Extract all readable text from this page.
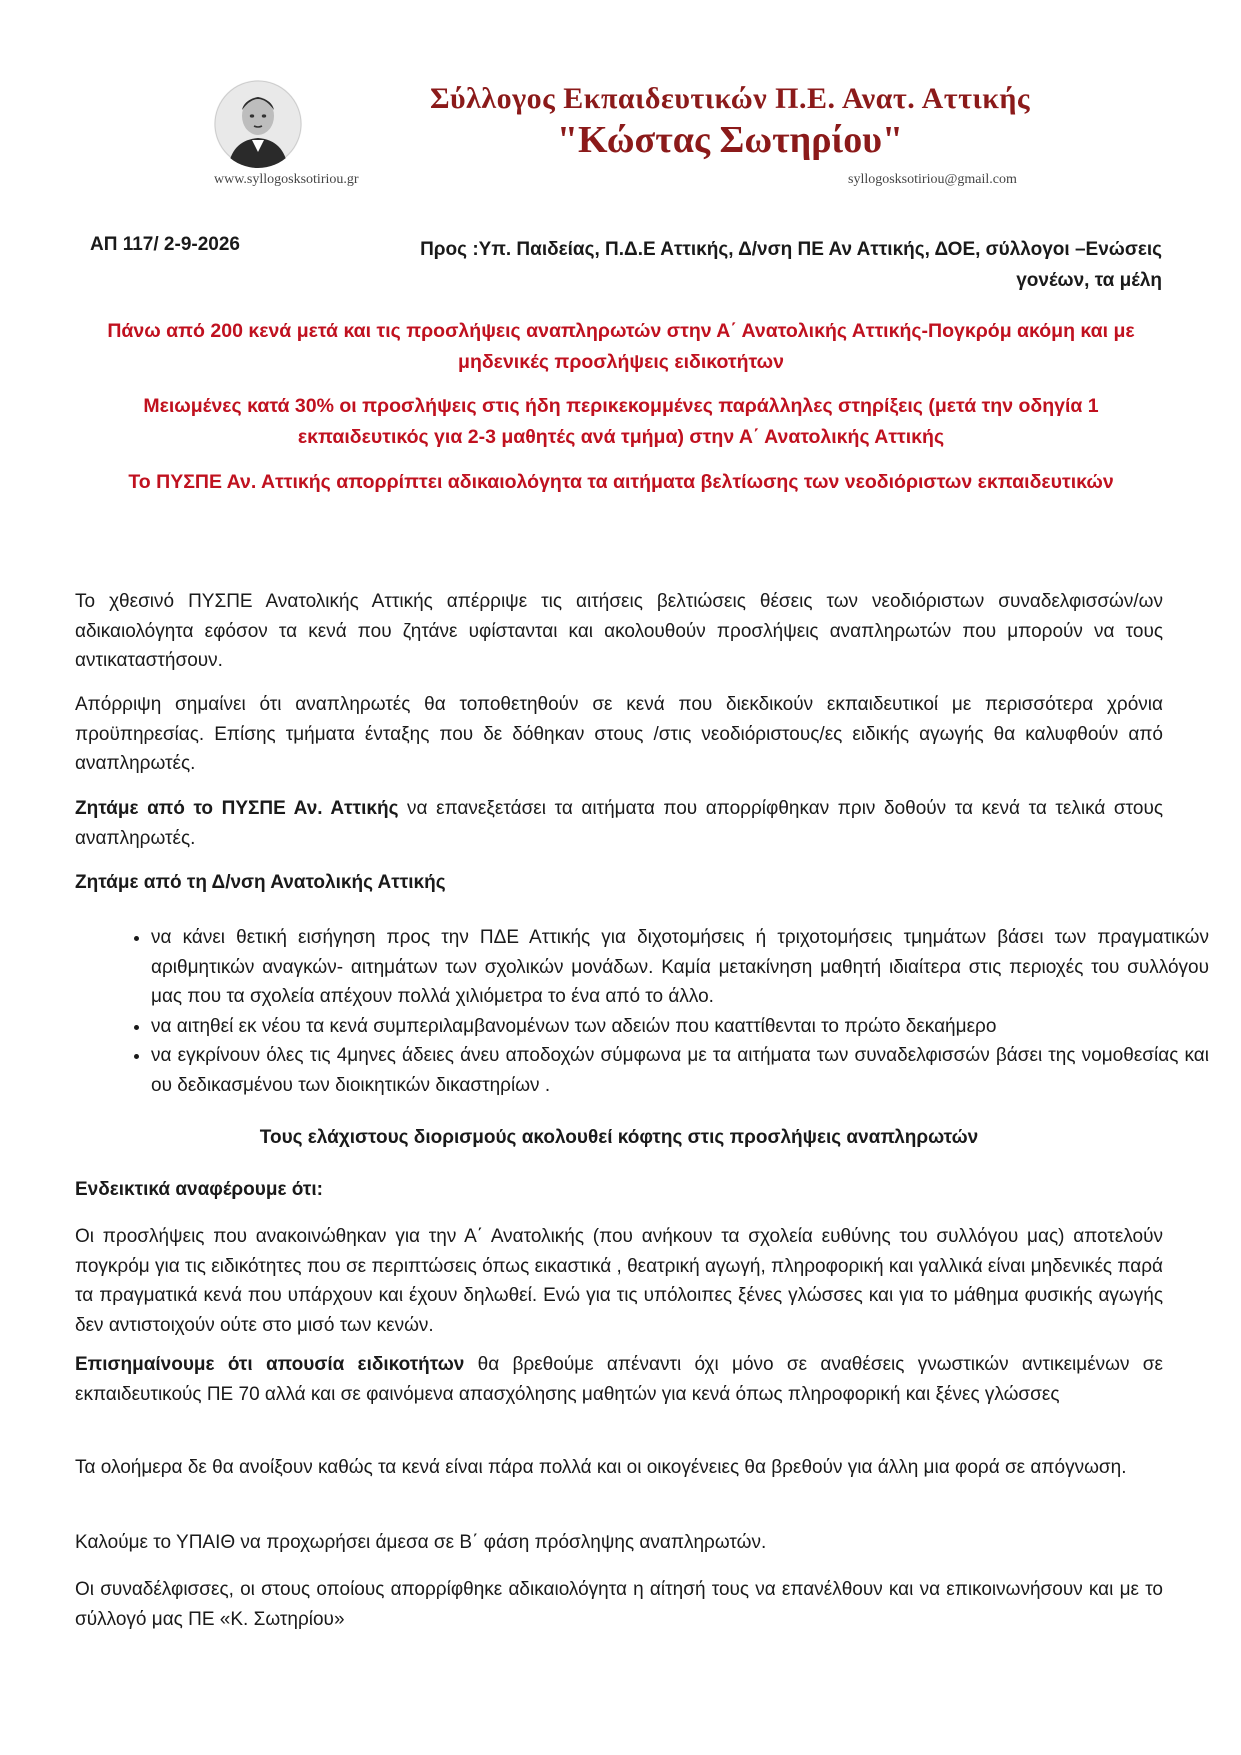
Σύλλογος Εκπαιδευτικών Π.Ε. Ανατ. Αττικής
"Κώστας Σωτηρίου"
www.syllogosksotiriou.gr	syllogosksotiriou@gmail.com
ΑΠ 117/ 2-9-2026	Προς :Υπ. Παιδείας, Π.Δ.Ε Αττικής, Δ/νση ΠΕ Αν Αττικής, ΔΟΕ, σύλλογοι –Ενώσεις
γονέων, τα μέλη
Πάνω από 200 κενά μετά και τις προσλήψεις αναπληρωτών στην Α΄ Ανατολικής Αττικής-Πογκρόμ ακόμη και με μηδενικές προσλήψεις ειδικοτήτων
Μειωμένες κατά 30% οι προσλήψεις στις ήδη περικεκομμένες παράλληλες στηρίξεις (μετά την οδηγία 1 εκπαιδευτικός για 2-3 μαθητές ανά τμήμα) στην Α΄ Ανατολικής Αττικής
Το ΠΥΣΠΕ Αν. Αττικής απορρίπτει αδικαιολόγητα τα αιτήματα βελτίωσης των νεοδιόριστων εκπαιδευτικών
Το χθεσινό ΠΥΣΠΕ Ανατολικής Αττικής απέρριψε τις αιτήσεις βελτιώσεις θέσεις των νεοδιόριστων συναδελφισσών/ων αδικαιολόγητα εφόσον τα κενά που ζητάνε υφίστανται και ακολουθούν προσλήψεις αναπληρωτών που μπορούν να τους αντικαταστήσουν.
Απόρριψη σημαίνει ότι αναπληρωτές θα τοποθετηθούν σε κενά που διεκδικούν εκπαιδευτικοί με περισσότερα χρόνια προϋπηρεσίας. Επίσης τμήματα ένταξης που δε δόθηκαν στους /στις νεοδιόριστους/ες ειδικής αγωγής θα καλυφθούν από αναπληρωτές.
Ζητάμε από το ΠΥΣΠΕ Αν. Αττικής να επανεξετάσει τα αιτήματα που απορρίφθηκαν πριν δοθούν τα κενά τα τελικά στους αναπληρωτές.
Ζητάμε από τη Δ/νση Ανατολικής Αττικής
• να κάνει θετική εισήγηση προς την ΠΔΕ Αττικής για διχοτομήσεις ή τριχοτομήσεις τμημάτων βάσει των πραγματικών αριθμητικών αναγκών- αιτημάτων των σχολικών μονάδων. Καμία μετακίνηση μαθητή ιδιαίτερα στις περιοχές του συλλόγου μας που τα σχολεία απέχουν πολλά χιλιόμετρα το ένα από το άλλο.
• να αιτηθεί εκ νέου τα κενά συμπεριλαμβανομένων των αδειών που κααττίθενται το πρώτο δεκαήμερο
• να εγκρίνουν όλες τις 4μηνες άδειες άνευ αποδοχών σύμφωνα με τα αιτήματα των συναδελφισσών βάσει της νομοθεσίας και ου δεδικασμένου των διοικητικών δικαστηρίων .
Τους ελάχιστους διορισμούς ακολουθεί κόφτης στις προσλήψεις αναπληρωτών
Ενδεικτικά αναφέρουμε ότι:
Οι προσλήψεις που ανακοινώθηκαν για την Α΄ Ανατολικής (που ανήκουν τα σχολεία ευθύνης του συλλόγου μας) αποτελούν πογκρόμ για τις ειδικότητες που σε περιπτώσεις όπως εικαστικά , θεατρική αγωγή, πληροφορική και γαλλικά είναι μηδενικές παρά τα πραγματικά κενά που υπάρχουν και έχουν δηλωθεί. Ενώ για τις υπόλοιπες ξένες γλώσσες και για το μάθημα φυσικής αγωγής δεν αντιστοιχούν ούτε στο μισό των κενών.
Επισημαίνουμε ότι απουσία ειδικοτήτων θα βρεθούμε απέναντι όχι μόνο σε αναθέσεις γνωστικών αντικειμένων σε εκπαιδευτικούς ΠΕ 70 αλλά και σε φαινόμενα απασχόλησης μαθητών για κενά όπως πληροφορική και ξένες γλώσσες
Τα ολοήμερα δε θα ανοίξουν καθώς τα κενά είναι πάρα πολλά και οι οικογένειες θα βρεθούν για άλλη μια φορά σε απόγνωση.
Καλούμε το ΥΠΑΙΘ να προχωρήσει άμεσα σε Β΄ φάση πρόσληψης αναπληρωτών.
Οι συναδέλφισσες, οι στους οποίους απορρίφθηκε αδικαιολόγητα η αίτησή τους να επανέλθουν και να επικοινωνήσουν και με το σύλλογό μας ΠΕ «Κ. Σωτηρίου»
